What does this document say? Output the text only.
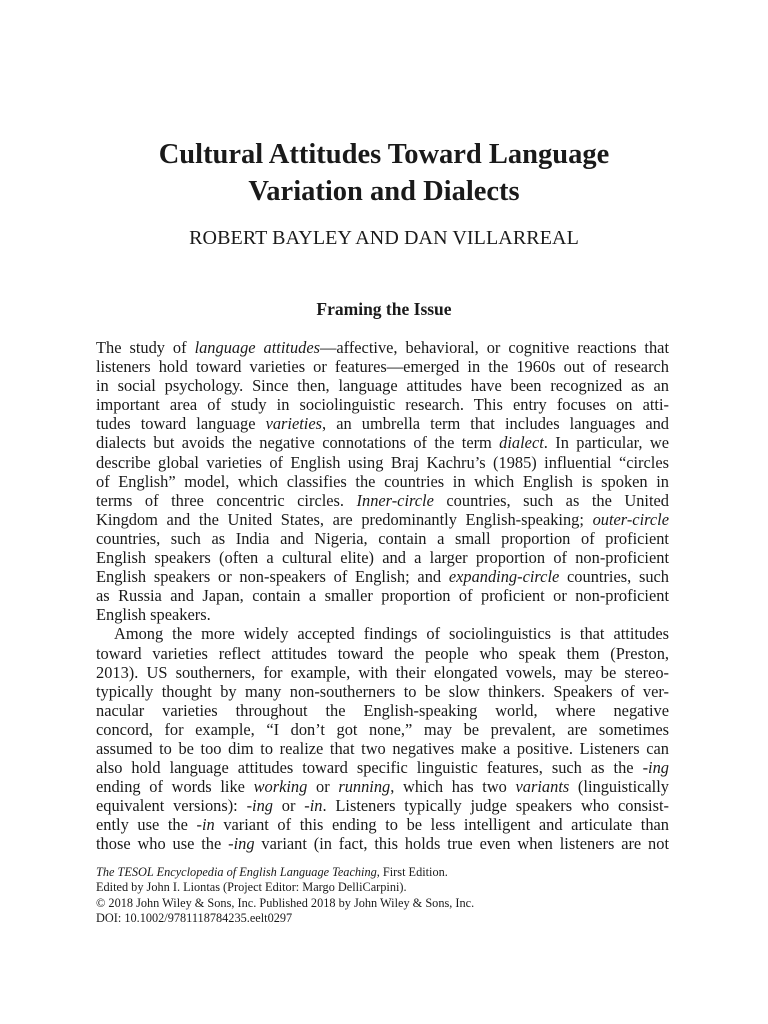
Cultural Attitudes Toward Language
Variation and Dialects
ROBERT BAYLEY AND DAN VILLARREAL
Framing the Issue
The study of language attitudes—affective, behavioral, or cognitive reactions that
listeners hold toward varieties or features—emerged in the 1960s out of research
in social psychology. Since then, language attitudes have been recognized as an
important area of study in sociolinguistic research. This entry focuses on atti-
tudes toward language varieties, an umbrella term that includes languages and
dialects but avoids the negative connotations of the term dialect. In particular, we
describe global varieties of English using Braj Kachru’s (1985) influential “circles
of English” model, which classifies the countries in which English is spoken in
terms of three concentric circles. Inner-circle countries, such as the United
Kingdom and the United States, are predominantly English-speaking; outer-circle
countries, such as India and Nigeria, contain a small proportion of proficient
English speakers (often a cultural elite) and a larger proportion of non-proficient
English speakers or non-speakers of English; and expanding-circle countries, such
as Russia and Japan, contain a smaller proportion of proficient or non-proficient
English speakers.
Among the more widely accepted findings of sociolinguistics is that attitudes
toward varieties reflect attitudes toward the people who speak them (Preston,
2013). US southerners, for example, with their elongated vowels, may be stereo-
typically thought by many non-southerners to be slow thinkers. Speakers of ver-
nacular varieties throughout the English-speaking world, where negative
concord, for example, “I don’t got none,” may be prevalent, are sometimes
assumed to be too dim to realize that two negatives make a positive. Listeners can
also hold language attitudes toward specific linguistic features, such as the -ing
ending of words like working or running, which has two variants (linguistically
equivalent versions): -ing or -in. Listeners typically judge speakers who consist-
ently use the -in variant of this ending to be less intelligent and articulate than
those who use the -ing variant (in fact, this holds true even when listeners are not
The TESOL Encyclopedia of English Language Teaching, First Edition.
Edited by John I. Liontas (Project Editor: Margo DelliCarpini).
© 2018 John Wiley & Sons, Inc. Published 2018 by John Wiley & Sons, Inc.
DOI: 10.1002/9781118784235.eelt0297
